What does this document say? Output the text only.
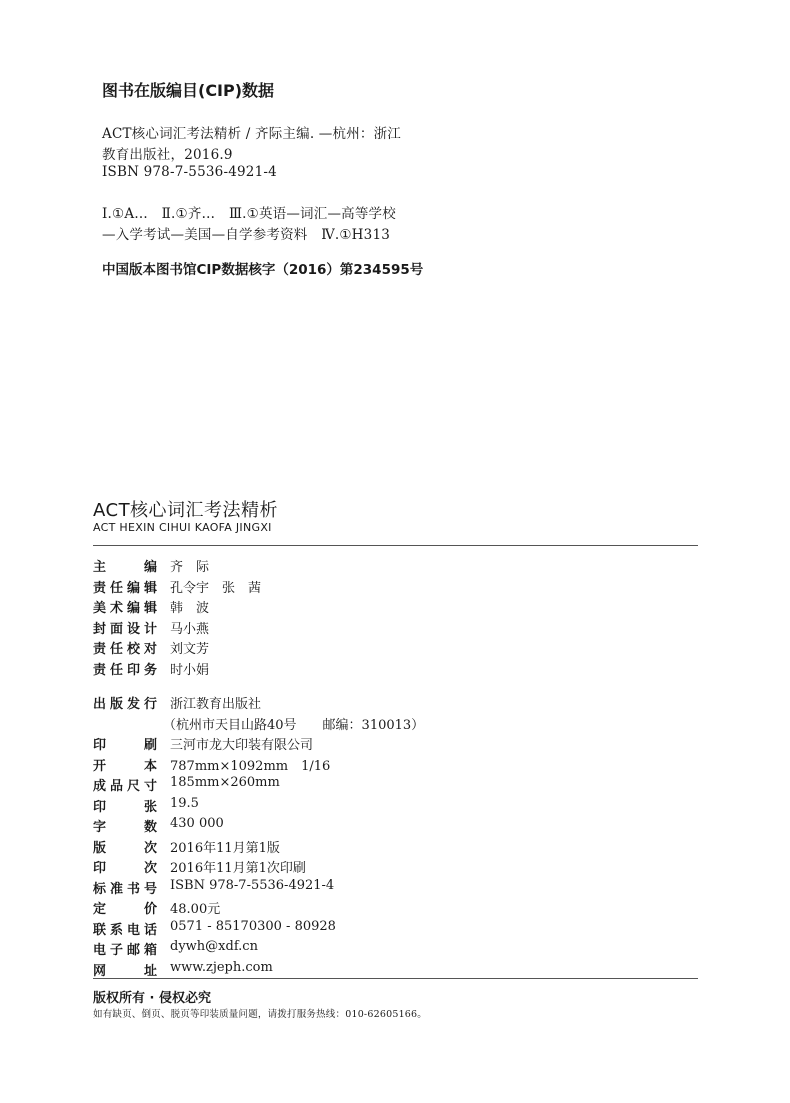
图书在版编目(CIP)数据
ACT核心词汇考法精析 / 齐际主编. —杭州：浙江
教育出版社，2016.9
ISBN 978-7-5536-4921-4
Ⅰ.①A…　Ⅱ.①齐…　Ⅲ.①英语—词汇—高等学校
—入学考试—美国—自学参考资料　Ⅳ.①H313
中国版本图书馆CIP数据核字（2016）第234595号
ACT核心词汇考法精析
ACT HEXIN CIHUI KAOFA JINGXI
主编 齐　际
责任编辑 孔令宇　张　茜
美术编辑 韩　波
封面设计 马小燕
责任校对 刘文芳
责任印务 时小娟
出版发行 浙江教育出版社
（杭州市天目山路40号　　邮编：310013）
印刷 三河市龙大印装有限公司
开本 787mm×1092mm　1/16
成品尺寸 185mm×260mm
印张 19.5
字数 430 000
版次 2016年11月第1版
印次 2016年11月第1次印刷
标准书号 ISBN 978-7-5536-4921-4
定价 48.00元
联系电话 0571 - 85170300 - 80928
电子邮箱 dywh@xdf.cn
网址 www.zjeph.com
版权所有 · 侵权必究
如有缺页、倒页、脱页等印装质量问题，请拨打服务热线：010-62605166。
